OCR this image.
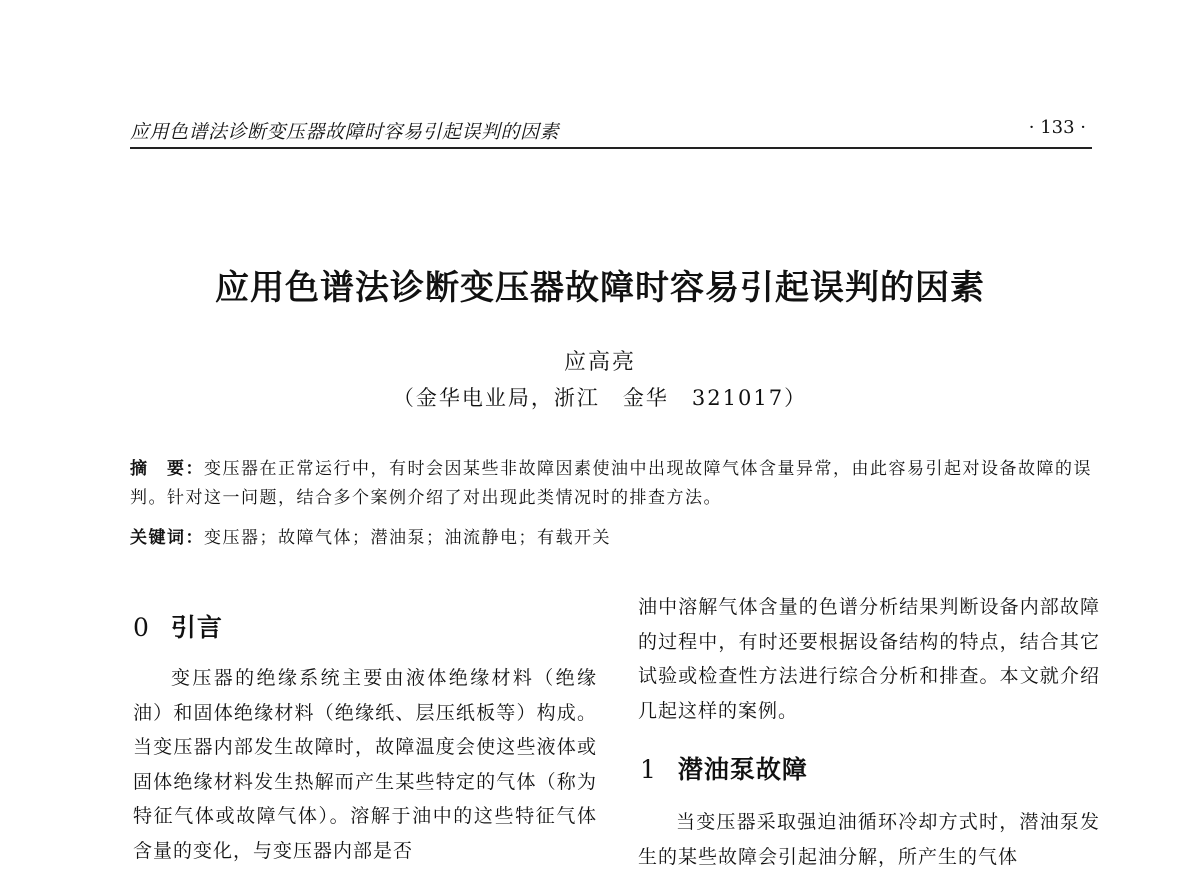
应用色谱法诊断变压器故障时容易引起误判的因素	· 133 ·
应用色谱法诊断变压器故障时容易引起误判的因素
应高亮
（金华电业局，浙江　金华　321017）
摘　要：变压器在正常运行中，有时会因某些非故障因素使油中出现故障气体含量异常，由此容易引起对设备故障的误判。针对这一问题，结合多个案例介绍了对出现此类情况时的排查方法。
关键词：变压器；故障气体；潜油泵；油流静电；有载开关
0 引言
变压器的绝缘系统主要由液体绝缘材料（绝缘油）和固体绝缘材料（绝缘纸、层压纸板等）构成。当变压器内部发生故障时，故障温度会使这些液体或固体绝缘材料发生热解而产生某些特定的气体（称为特征气体或故障气体）。溶解于油中的这些特征气体含量的变化，与变压器内部是否
油中溶解气体含量的色谱分析结果判断设备内部故障的过程中，有时还要根据设备结构的特点，结合其它试验或检查性方法进行综合分析和排查。本文就介绍几起这样的案例。
1 潜油泵故障
当变压器采取强迫油循环冷却方式时，潜油泵发生的某些故障会引起油分解，所产生的气体
